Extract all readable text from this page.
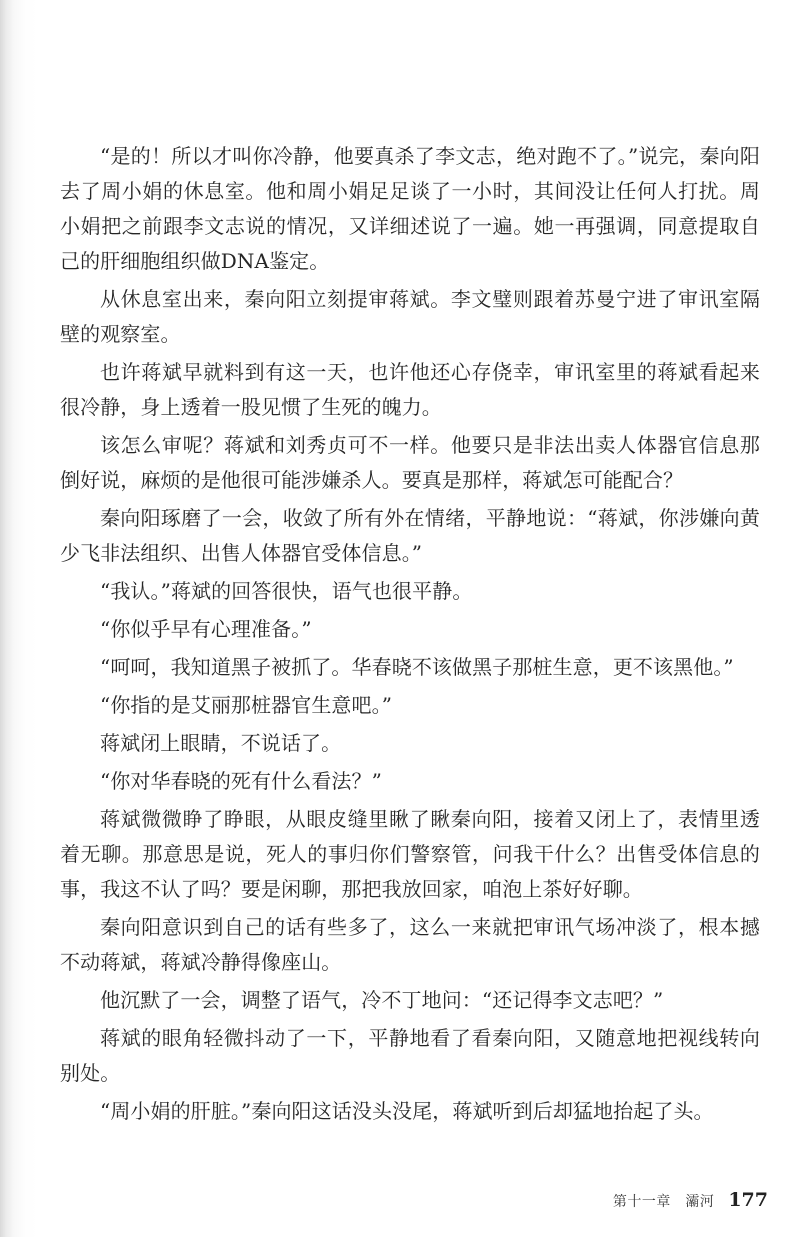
“是的！所以才叫你冷静，他要真杀了李文志，绝对跑不了。”说完，秦向阳去了周小娟的休息室。他和周小娟足足谈了一小时，其间没让任何人打扰。周小娟把之前跟李文志说的情况，又详细述说了一遍。她一再强调，同意提取自己的肝细胞组织做DNA鉴定。

从休息室出来，秦向阳立刻提审蒋斌。李文璧则跟着苏曼宁进了审讯室隔壁的观察室。

也许蒋斌早就料到有这一天，也许他还心存侥幸，审讯室里的蒋斌看起来很冷静，身上透着一股见惯了生死的魄力。

该怎么审呢？蒋斌和刘秀贞可不一样。他要只是非法出卖人体器官信息那倒好说，麻烦的是他很可能涉嫌杀人。要真是那样，蒋斌怎可能配合？

秦向阳琢磨了一会，收敛了所有外在情绪，平静地说：“蒋斌，你涉嫌向黄少飞非法组织、出售人体器官受体信息。”

“我认。”蒋斌的回答很快，语气也很平静。

“你似乎早有心理准备。”

“呵呵，我知道黑子被抓了。华春晓不该做黑子那桩生意，更不该黑他。”

“你指的是艾丽那桩器官生意吧。”

蒋斌闭上眼睛，不说话了。

“你对华春晓的死有什么看法？”

蒋斌微微睁了睁眼，从眼皮缝里瞅了瞅秦向阳，接着又闭上了，表情里透着无聊。那意思是说，死人的事归你们警察管，问我干什么？出售受体信息的事，我这不认了吗？要是闲聊，那把我放回家，咱泡上茶好好聊。

秦向阳意识到自己的话有些多了，这么一来就把审讯气场冲淡了，根本撼不动蒋斌，蒋斌冷静得像座山。

他沉默了一会，调整了语气，冷不丁地问：“还记得李文志吧？”

蒋斌的眼角轻微抖动了一下，平静地看了看秦向阳，又随意地把视线转向别处。

“周小娟的肝脏。”秦向阳这话没头没尾，蒋斌听到后却猛地抬起了头。

第十一章　灞河 177
